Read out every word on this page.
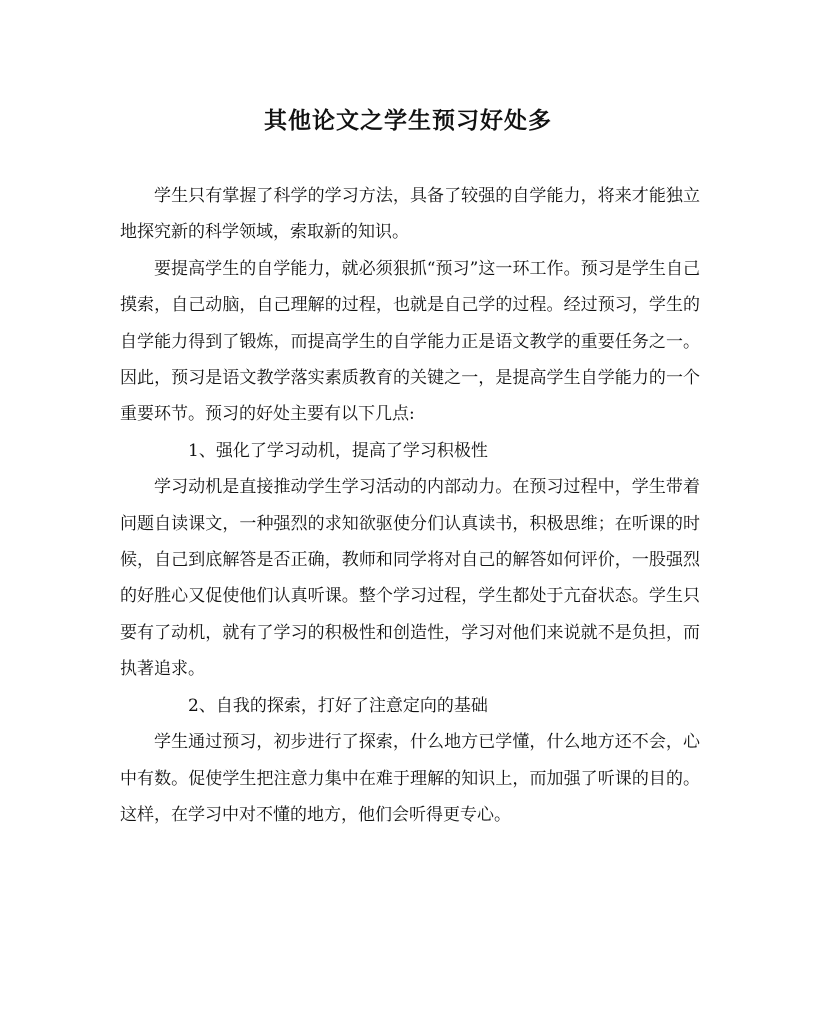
其他论文之学生预习好处多

学生只有掌握了科学的学习方法，具备了较强的自学能力，将来才能独立地探究新的科学领域，索取新的知识。

要提高学生的自学能力，就必须狠抓“预习”这一环工作。预习是学生自己摸索，自己动脑，自己理解的过程，也就是自己学的过程。经过预习，学生的自学能力得到了锻炼，而提高学生的自学能力正是语文教学的重要任务之一。因此，预习是语文教学落实素质教育的关键之一，是提高学生自学能力的一个重要环节。预习的好处主要有以下几点:

1、强化了学习动机，提高了学习积极性

学习动机是直接推动学生学习活动的内部动力。在预习过程中，学生带着问题自读课文，一种强烈的求知欲驱使分们认真读书，积极思维；在听课的时候，自己到底解答是否正确，教师和同学将对自己的解答如何评价，一股强烈的好胜心又促使他们认真听课。整个学习过程，学生都处于亢奋状态。学生只要有了动机，就有了学习的积极性和创造性，学习对他们来说就不是负担，而执著追求。

2、自我的探索，打好了注意定向的基础

学生通过预习，初步进行了探索，什么地方已学懂，什么地方还不会，心中有数。促使学生把注意力集中在难于理解的知识上，而加强了听课的目的。这样，在学习中对不懂的地方，他们会听得更专心。
